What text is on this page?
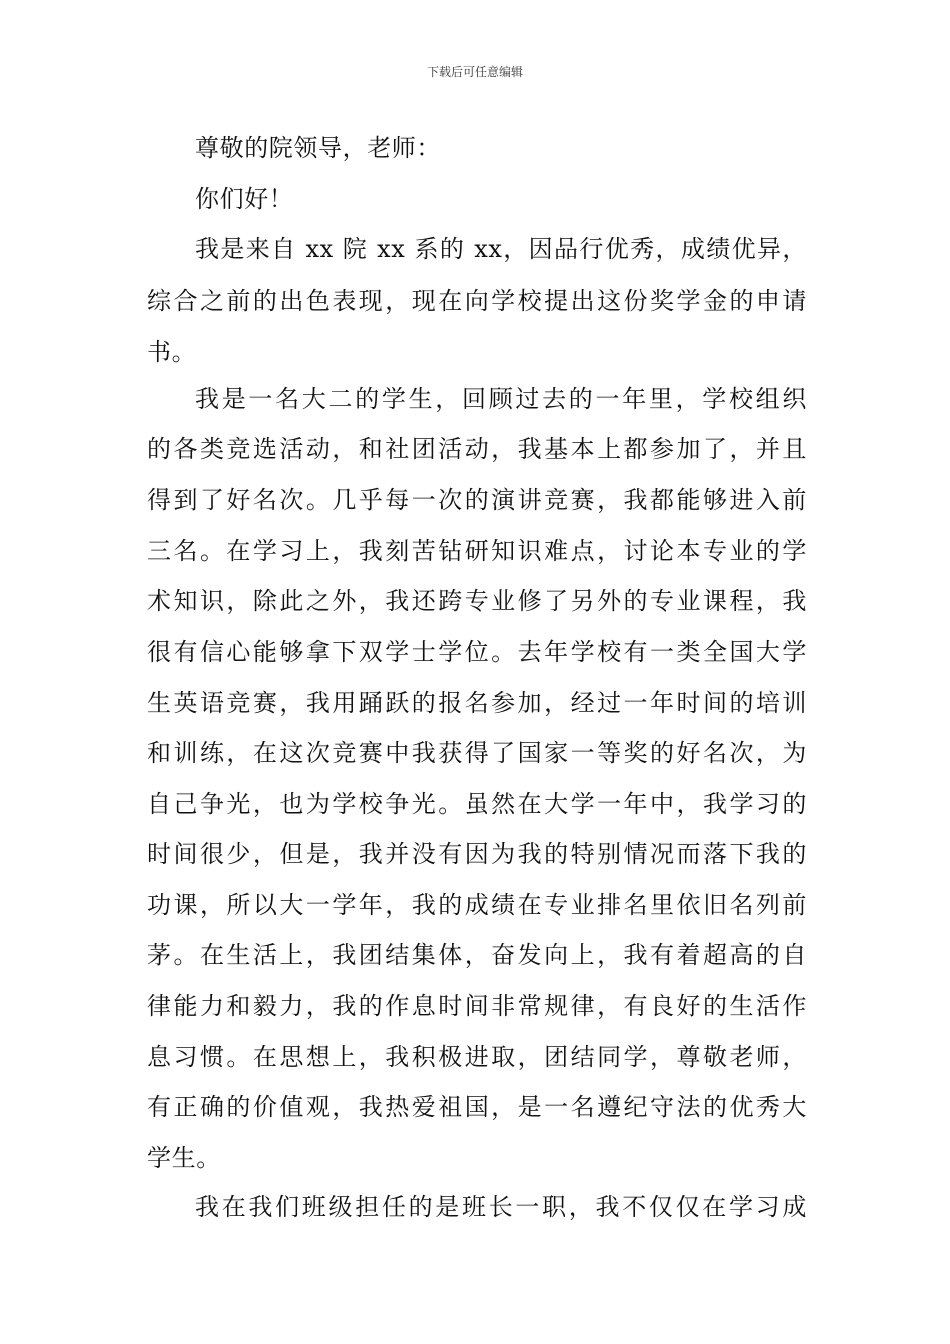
下载后可任意编辑
尊敬的院领导，老师：
你们好！
我是来自 xx 院 xx 系的 xx，因品行优秀，成绩优异，
综合之前的出色表现，现在向学校提出这份奖学金的申请
书。
我是一名大二的学生，回顾过去的一年里，学校组织
的各类竞选活动，和社团活动，我基本上都参加了，并且
得到了好名次。几乎每一次的演讲竞赛，我都能够进入前
三名。在学习上，我刻苦钻研知识难点，讨论本专业的学
术知识，除此之外，我还跨专业修了另外的专业课程，我
很有信心能够拿下双学士学位。去年学校有一类全国大学
生英语竞赛，我用踊跃的报名参加，经过一年时间的培训
和训练，在这次竞赛中我获得了国家一等奖的好名次，为
自己争光，也为学校争光。虽然在大学一年中，我学习的
时间很少，但是，我并没有因为我的特别情况而落下我的
功课，所以大一学年，我的成绩在专业排名里依旧名列前
茅。在生活上，我团结集体，奋发向上，我有着超高的自
律能力和毅力，我的作息时间非常规律，有良好的生活作
息习惯。在思想上，我积极进取，团结同学，尊敬老师，
有正确的价值观，我热爱祖国，是一名遵纪守法的优秀大
学生。
我在我们班级担任的是班长一职，我不仅仅在学习成
